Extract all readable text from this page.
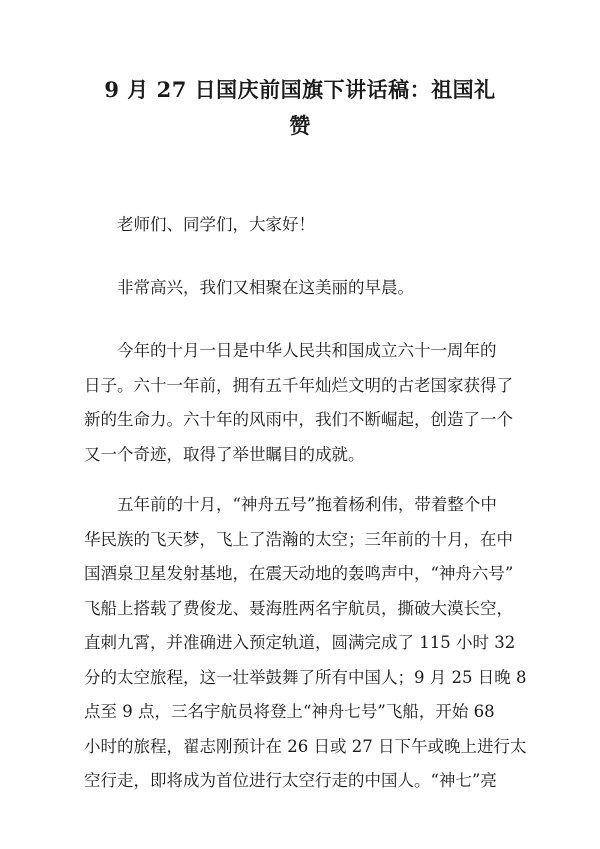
9 月 27 日国庆前国旗下讲话稿：祖国礼
赞

老师们、同学们，大家好！

非常高兴，我们又相聚在这美丽的早晨。

今年的十月一日是中华人民共和国成立六十一周年的
日子。六十一年前，拥有五千年灿烂文明的古老国家获得了
新的生命力。六十年的风雨中，我们不断崛起，创造了一个
又一个奇迹，取得了举世瞩目的成就。

五年前的十月，“神舟五号”拖着杨利伟，带着整个中
华民族的飞天梦，飞上了浩瀚的太空；三年前的十月，在中
国酒泉卫星发射基地，在震天动地的轰鸣声中，“神舟六号”
飞船上搭载了费俊龙、聂海胜两名宇航员，撕破大漠长空，
直刺九霄，并准确进入预定轨道，圆满完成了 115 小时 32
分的太空旅程，这一壮举鼓舞了所有中国人；9 月 25 日晚 8
点至 9 点，三名宇航员将登上“神舟七号”飞船，开始 68
小时的旅程，翟志刚预计在 26 日或 27 日下午或晚上进行太
空行走，即将成为首位进行太空行走的中国人。“神七”亮
